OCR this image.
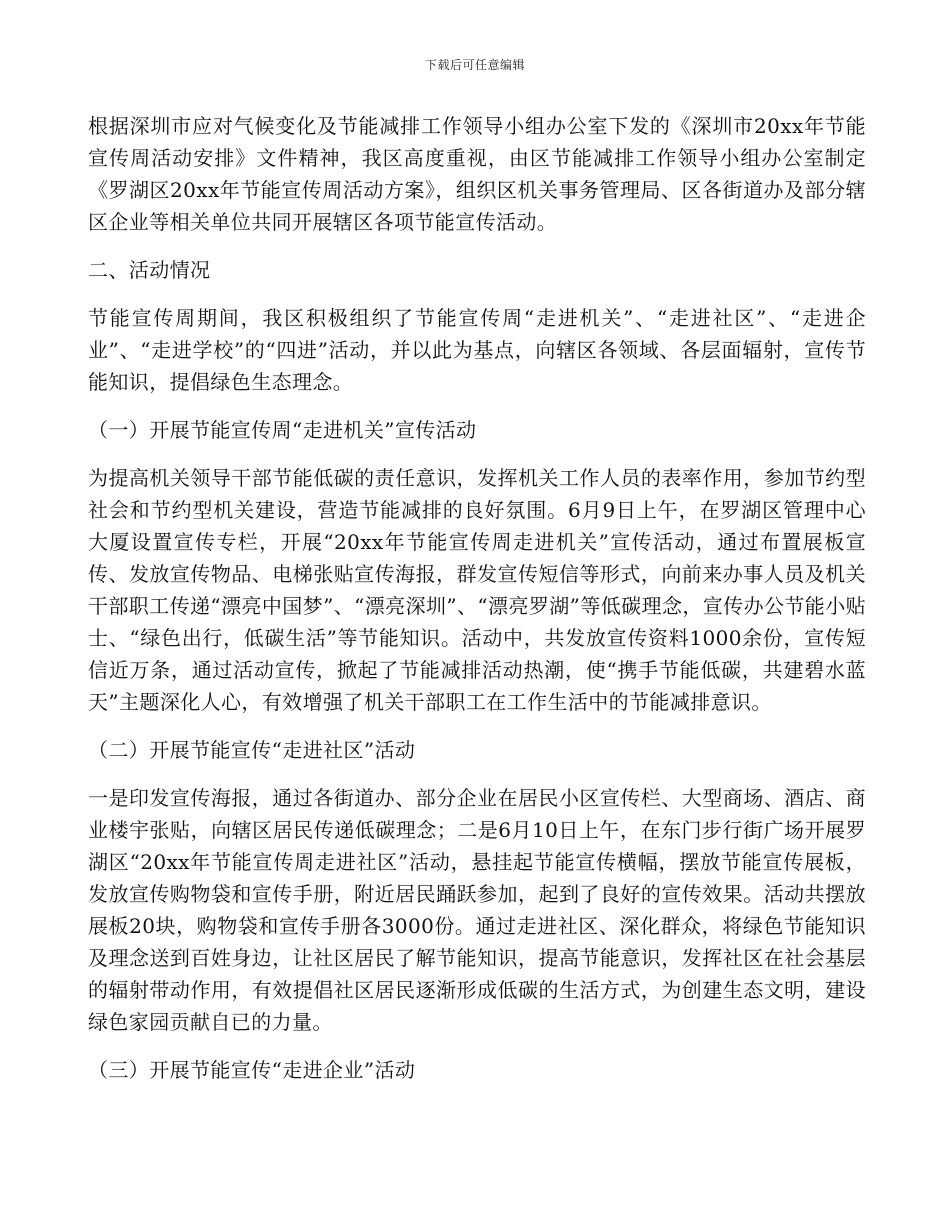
下载后可任意编辑

根据深圳市应对气候变化及节能减排工作领导小组办公室下发的《深圳市20xx年节能宣传周活动安排》文件精神，我区高度重视，由区节能减排工作领导小组办公室制定《罗湖区20xx年节能宣传周活动方案》，组织区机关事务管理局、区各街道办及部分辖区企业等相关单位共同开展辖区各项节能宣传活动。

二、活动情况

节能宣传周期间，我区积极组织了节能宣传周“走进机关”、“走进社区”、“走进企业”、“走进学校”的“四进”活动，并以此为基点，向辖区各领域、各层面辐射，宣传节能知识，提倡绿色生态理念。

（一）开展节能宣传周“走进机关”宣传活动

为提高机关领导干部节能低碳的责任意识，发挥机关工作人员的表率作用，参加节约型社会和节约型机关建设，营造节能减排的良好氛围。6月9日上午，在罗湖区管理中心大厦设置宣传专栏，开展“20xx年节能宣传周走进机关”宣传活动，通过布置展板宣传、发放宣传物品、电梯张贴宣传海报，群发宣传短信等形式，向前来办事人员及机关干部职工传递“漂亮中国梦”、“漂亮深圳”、“漂亮罗湖”等低碳理念，宣传办公节能小贴士、“绿色出行，低碳生活”等节能知识。活动中，共发放宣传资料1000余份，宣传短信近万条，通过活动宣传，掀起了节能减排活动热潮，使“携手节能低碳，共建碧水蓝天”主题深化人心，有效增强了机关干部职工在工作生活中的节能减排意识。

（二）开展节能宣传“走进社区”活动

一是印发宣传海报，通过各街道办、部分企业在居民小区宣传栏、大型商场、酒店、商业楼宇张贴，向辖区居民传递低碳理念；二是6月10日上午，在东门步行街广场开展罗湖区“20xx年节能宣传周走进社区”活动，悬挂起节能宣传横幅，摆放节能宣传展板，发放宣传购物袋和宣传手册，附近居民踊跃参加，起到了良好的宣传效果。活动共摆放展板20块，购物袋和宣传手册各3000份。通过走进社区、深化群众，将绿色节能知识及理念送到百姓身边，让社区居民了解节能知识，提高节能意识，发挥社区在社会基层的辐射带动作用，有效提倡社区居民逐渐形成低碳的生活方式，为创建生态文明，建设绿色家园贡献自已的力量。

（三）开展节能宣传“走进企业”活动
